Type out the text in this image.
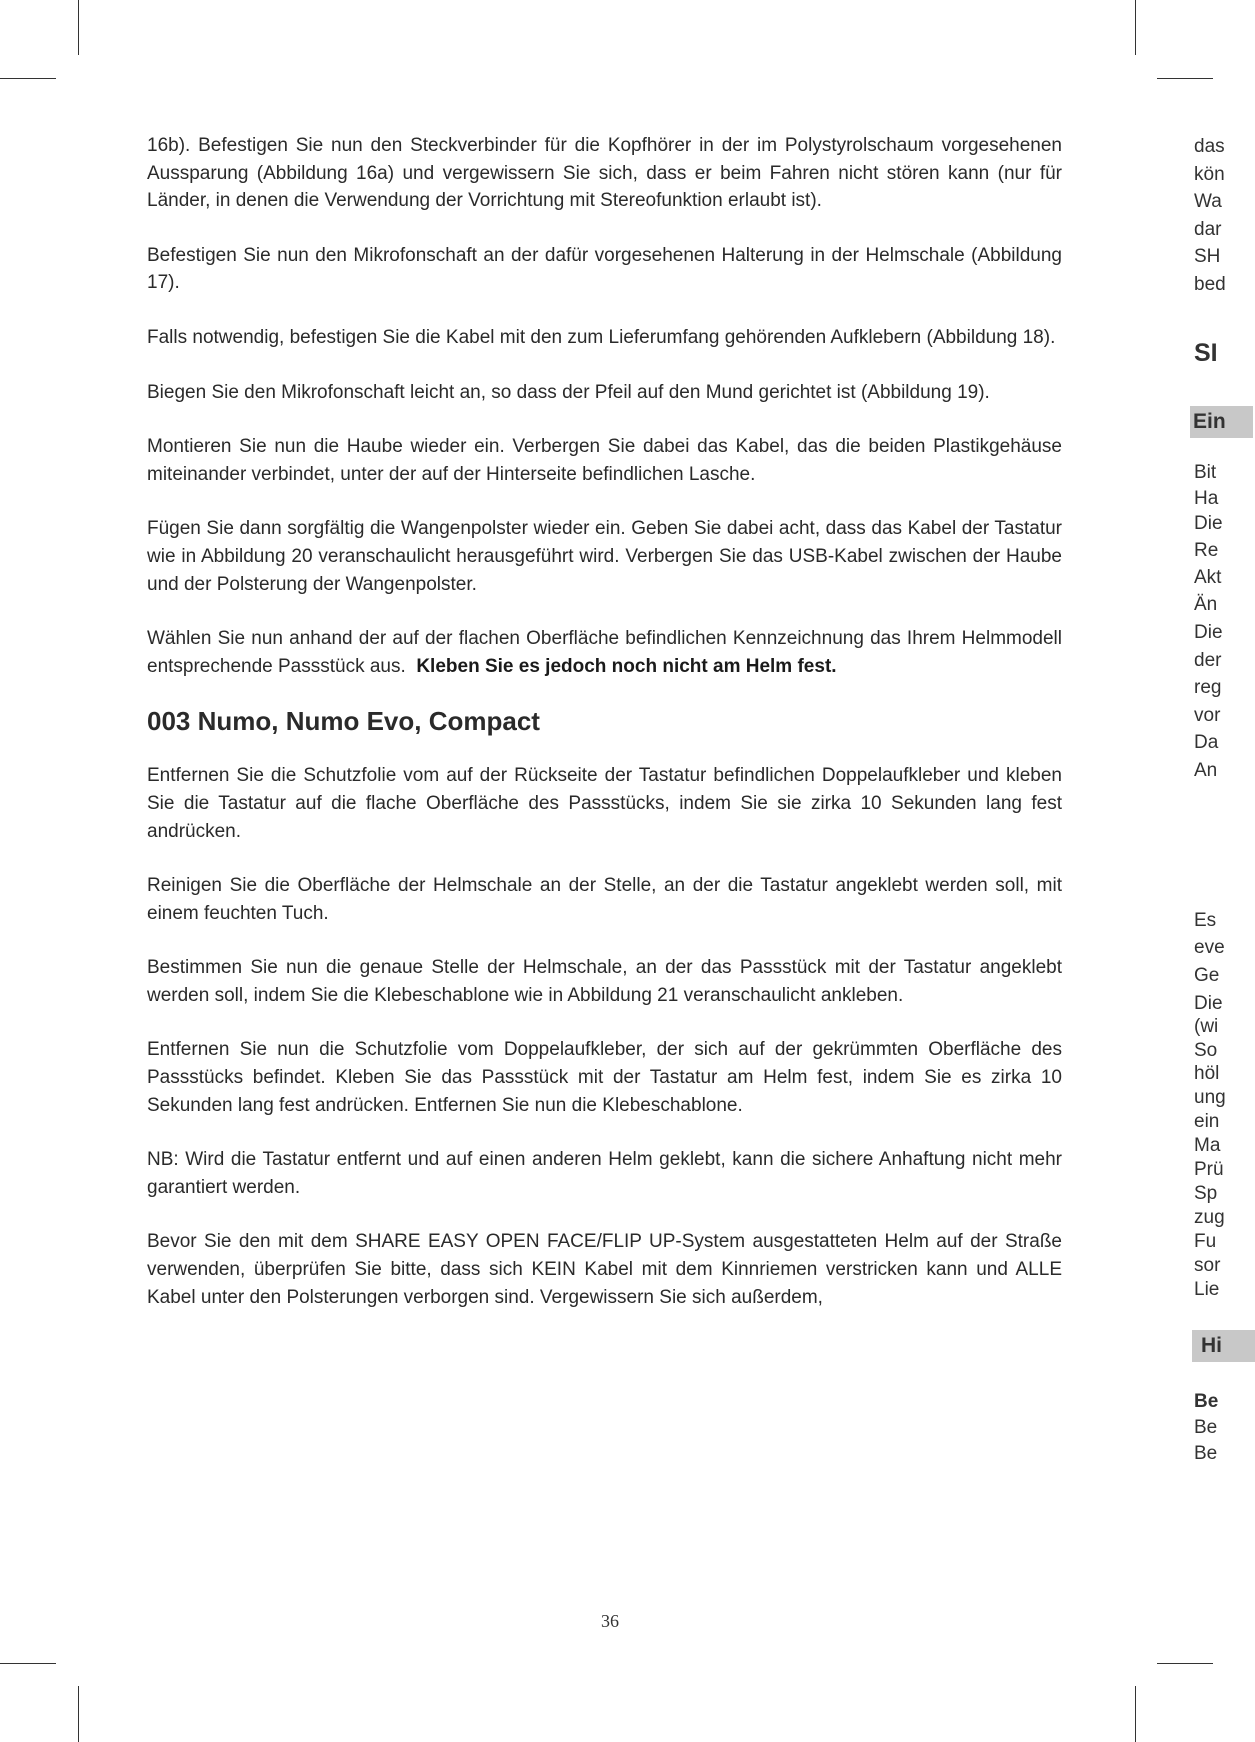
16b). Befestigen Sie nun den Steckverbinder für die Kopfhörer in der im Polystyrolschaum vorgesehenen Aussparung (Abbildung 16a) und vergewissern Sie sich, dass er beim Fahren nicht stören kann (nur für Länder, in denen die Verwendung der Vorrichtung mit Stereofunktion erlaubt ist).

Befestigen Sie nun den Mikrofonschaft an der dafür vorgesehenen Halterung in der Helmschale (Abbildung 17).

Falls notwendig, befestigen Sie die Kabel mit den zum Lieferumfang gehörenden Aufklebern (Abbildung 18).

Biegen Sie den Mikrofonschaft leicht an, so dass der Pfeil auf den Mund gerichtet ist (Abbildung 19).

Montieren Sie nun die Haube wieder ein. Verbergen Sie dabei das Kabel, das die beiden Plastikgehäuse miteinander verbindet, unter der auf der Hinterseite befindlichen Lasche.

Fügen Sie dann sorgfältig die Wangenpolster wieder ein. Geben Sie dabei acht, dass das Kabel der Tastatur wie in Abbildung 20 veranschaulicht herausgeführt wird. Verbergen Sie das USB-Kabel zwischen der Haube und der Polsterung der Wangenpolster.

Wählen Sie nun anhand der auf der flachen Oberfläche befindlichen Kennzeichnung das Ihrem Helmmodell entsprechende Passstück aus. Kleben Sie es jedoch noch nicht am Helm fest.

003 Numo, Numo Evo, Compact

Entfernen Sie die Schutzfolie vom auf der Rückseite der Tastatur befindlichen Doppelaufkleber und kleben Sie die Tastatur auf die flache Oberfläche des Passstücks, indem Sie sie zirka 10 Sekunden lang fest andrücken.

Reinigen Sie die Oberfläche der Helmschale an der Stelle, an der die Tastatur angeklebt werden soll, mit einem feuchten Tuch.

Bestimmen Sie nun die genaue Stelle der Helmschale, an der das Passstück mit der Tastatur angeklebt werden soll, indem Sie die Klebeschablone wie in Abbildung 21 veranschaulicht ankleben.

Entfernen Sie nun die Schutzfolie vom Doppelaufkleber, der sich auf der gekrümmten Oberfläche des Passstücks befindet. Kleben Sie das Passstück mit der Tastatur am Helm fest, indem Sie es zirka 10 Sekunden lang fest andrücken. Entfernen Sie nun die Klebeschablone.

NB: Wird die Tastatur entfernt und auf einen anderen Helm geklebt, kann die sichere Anhaftung nicht mehr garantiert werden.

Bevor Sie den mit dem SHARE EASY OPEN FACE/FLIP UP-System ausgestatteten Helm auf der Straße verwenden, überprüfen Sie bitte, dass sich KEIN Kabel mit dem Kinnriemen verstricken kann und ALLE Kabel unter den Polsterungen verborgen sind. Vergewissern Sie sich außerdem,

das
kön
Wa
dar
SH
bed
SI
Ein
Bit
Ha
Die
Re
Akt
Än
Die
der
reg
vor
Da
An
Es
eve
Ge
Die
(wi
So
höl
ung
ein
Ma
Prü
Sp
zug
Fu
sor
Lie
Hi
Be
Be
Be
36
